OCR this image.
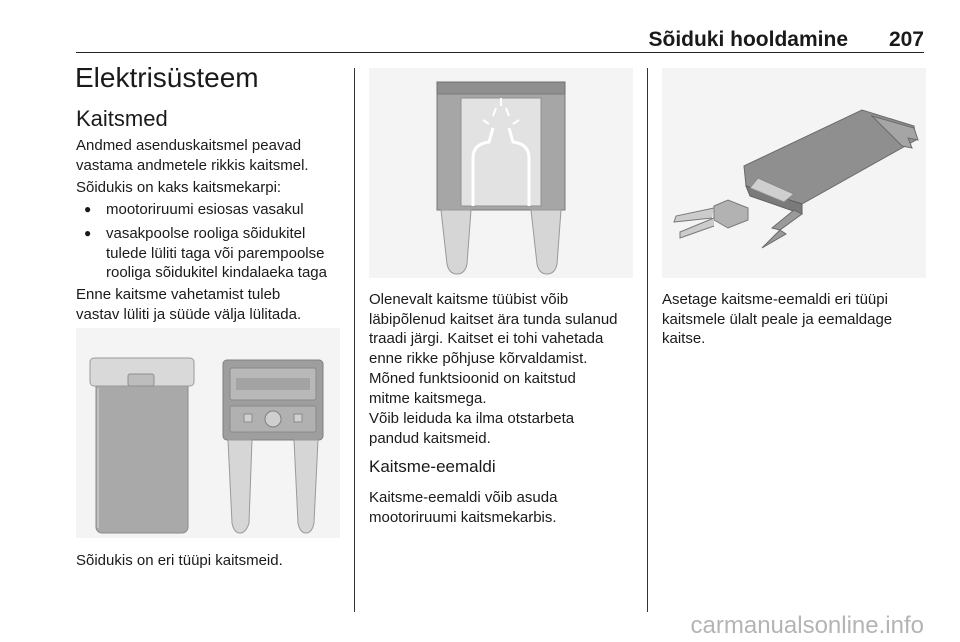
Sõiduki hooldamine 207
Elektrisüsteem
Kaitsmed
Andmed asenduskaitsmel peavad
vastama andmetele rikkis kaitsmel.
Sõidukis on kaks kaitsmekarpi:
● mootoriruumi esiosas vasakul
● vasakpoolse rooliga sõidukitel
tulede lüliti taga või parempoolse
rooliga sõidukitel kindalaeka taga
Enne kaitsme vahetamist tuleb
vastav lüliti ja süüde välja lülitada.
Sõidukis on eri tüüpi kaitsmeid.
Olenevalt kaitsme tüübist võib
läbipõlenud kaitset ära tunda sulanud
traadi järgi. Kaitset ei tohi vahetada
enne rikke põhjuse kõrvaldamist.
Mõned funktsioonid on kaitstud
mitme kaitsmega.
Võib leiduda ka ilma otstarbeta
pandud kaitsmeid.
Kaitsme-eemaldi
Kaitsme-eemaldi võib asuda
mootoriruumi kaitsmekarbis.
Asetage kaitsme-eemaldi eri tüüpi
kaitsmele ülalt peale ja eemaldage
kaitse.
carmanualsonline.info
